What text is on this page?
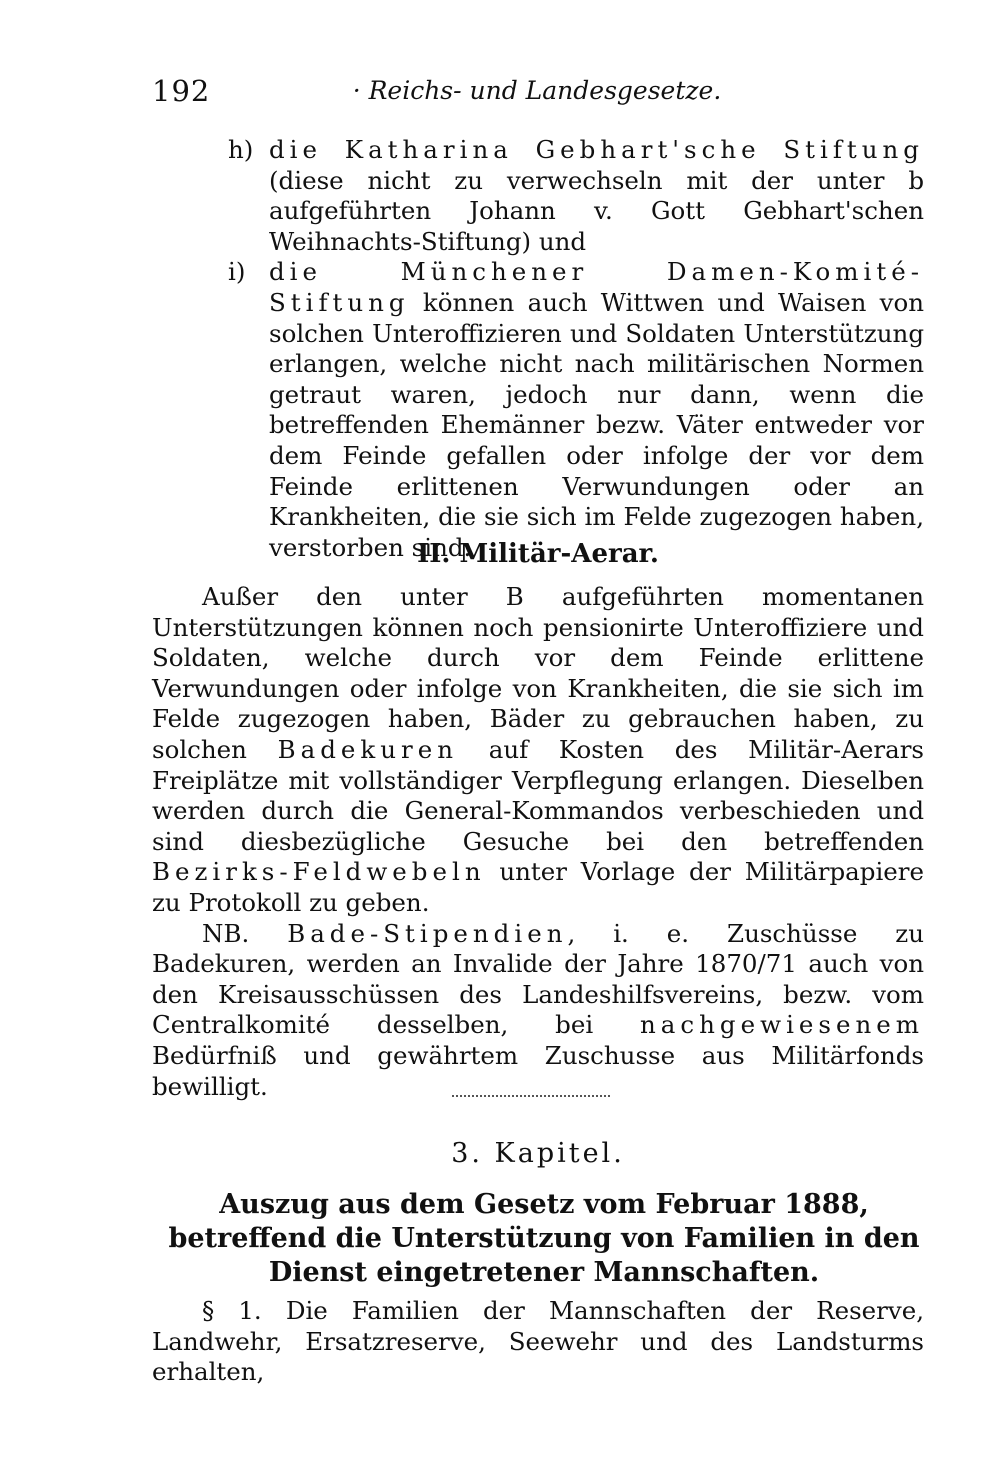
192	· Reichs- und Landesgesetze.
h) die Katharina Gebhart'sche Stiftung (diese nicht zu verwechseln mit der unter b aufgeführten Johann v. Gott Gebhart'schen Weihnachts-Stiftung) und
i) die Münchener Damen-Komité-Stiftung können auch Wittwen und Waisen von solchen Unteroffizieren und Soldaten Unterstützung erlangen, welche nicht nach militärischen Normen getraut waren, jedoch nur dann, wenn die betreffenden Ehemänner bezw. Väter entweder vor dem Feinde gefallen oder infolge der vor dem Feinde erlittenen Verwundungen oder an Krankheiten, die sie sich im Felde zugezogen haben, verstorben sind.
II. Militär-Aerar.

Außer den unter B aufgeführten momentanen Unterstützungen können noch pensionirte Unteroffiziere und Soldaten, welche durch vor dem Feinde erlittene Verwundungen oder infolge von Krankheiten, die sie sich im Felde zugezogen haben, Bäder zu gebrauchen haben, zu solchen Badekuren auf Kosten des Militär-Aerars Freiplätze mit vollständiger Verpflegung erlangen. Dieselben werden durch die General-Kommandos verbeschieden und sind diesbezügliche Gesuche bei den betreffenden Bezirks-Feldwebeln unter Vorlage der Militärpapiere zu Protokoll zu geben.

NB. Bade-Stipendien, i. e. Zuschüsse zu Badekuren, werden an Invalide der Jahre 1870/71 auch von den Kreisausschüssen des Landeshilfsvereins, bezw. vom Centralkomité desselben, bei nachgewiesenem Bedürfniß und gewährtem Zuschusse aus Militärfonds bewilligt.

3. Kapitel.
Auszug aus dem Gesetz vom Februar 1888, betreffend die Unterstützung von Familien in den Dienst eingetretener Mannschaften.

§ 1. Die Familien der Mannschaften der Reserve, Landwehr, Ersatzreserve, Seewehr und des Landsturms erhalten,
